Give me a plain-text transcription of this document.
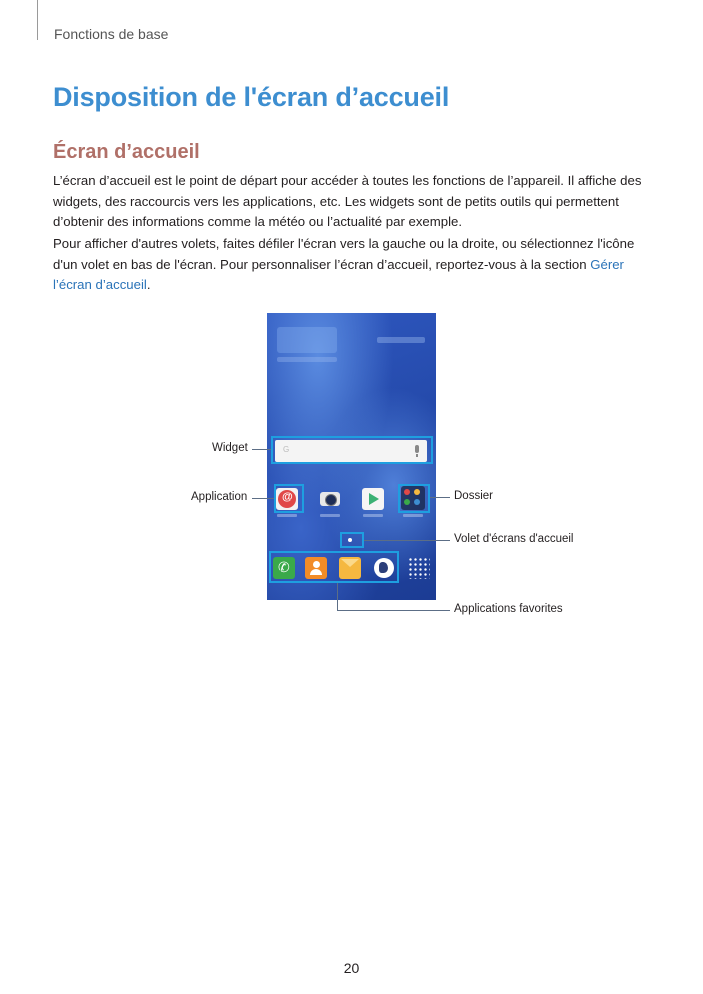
Fonctions de base
Disposition de l'écran d’accueil
Écran d’accueil

L’écran d’accueil est le point de départ pour accéder à toutes les fonctions de l’appareil. Il affiche des widgets, des raccourcis vers les applications, etc. Les widgets sont de petits outils qui permettent d’obtenir des informations comme la météo ou l’actualité par exemple.

Pour afficher d'autres volets, faites défiler l'écran vers la gauche ou la droite, ou sélectionnez l'icône d'un volet en bas de l'écran. Pour personnaliser l’écran d’accueil, reportez-vous à la section Gérer l’écran d’accueil.

G
@
✆
Widget
Application	Dossier
Volet d'écrans d'accueil
Applications favorites
20
